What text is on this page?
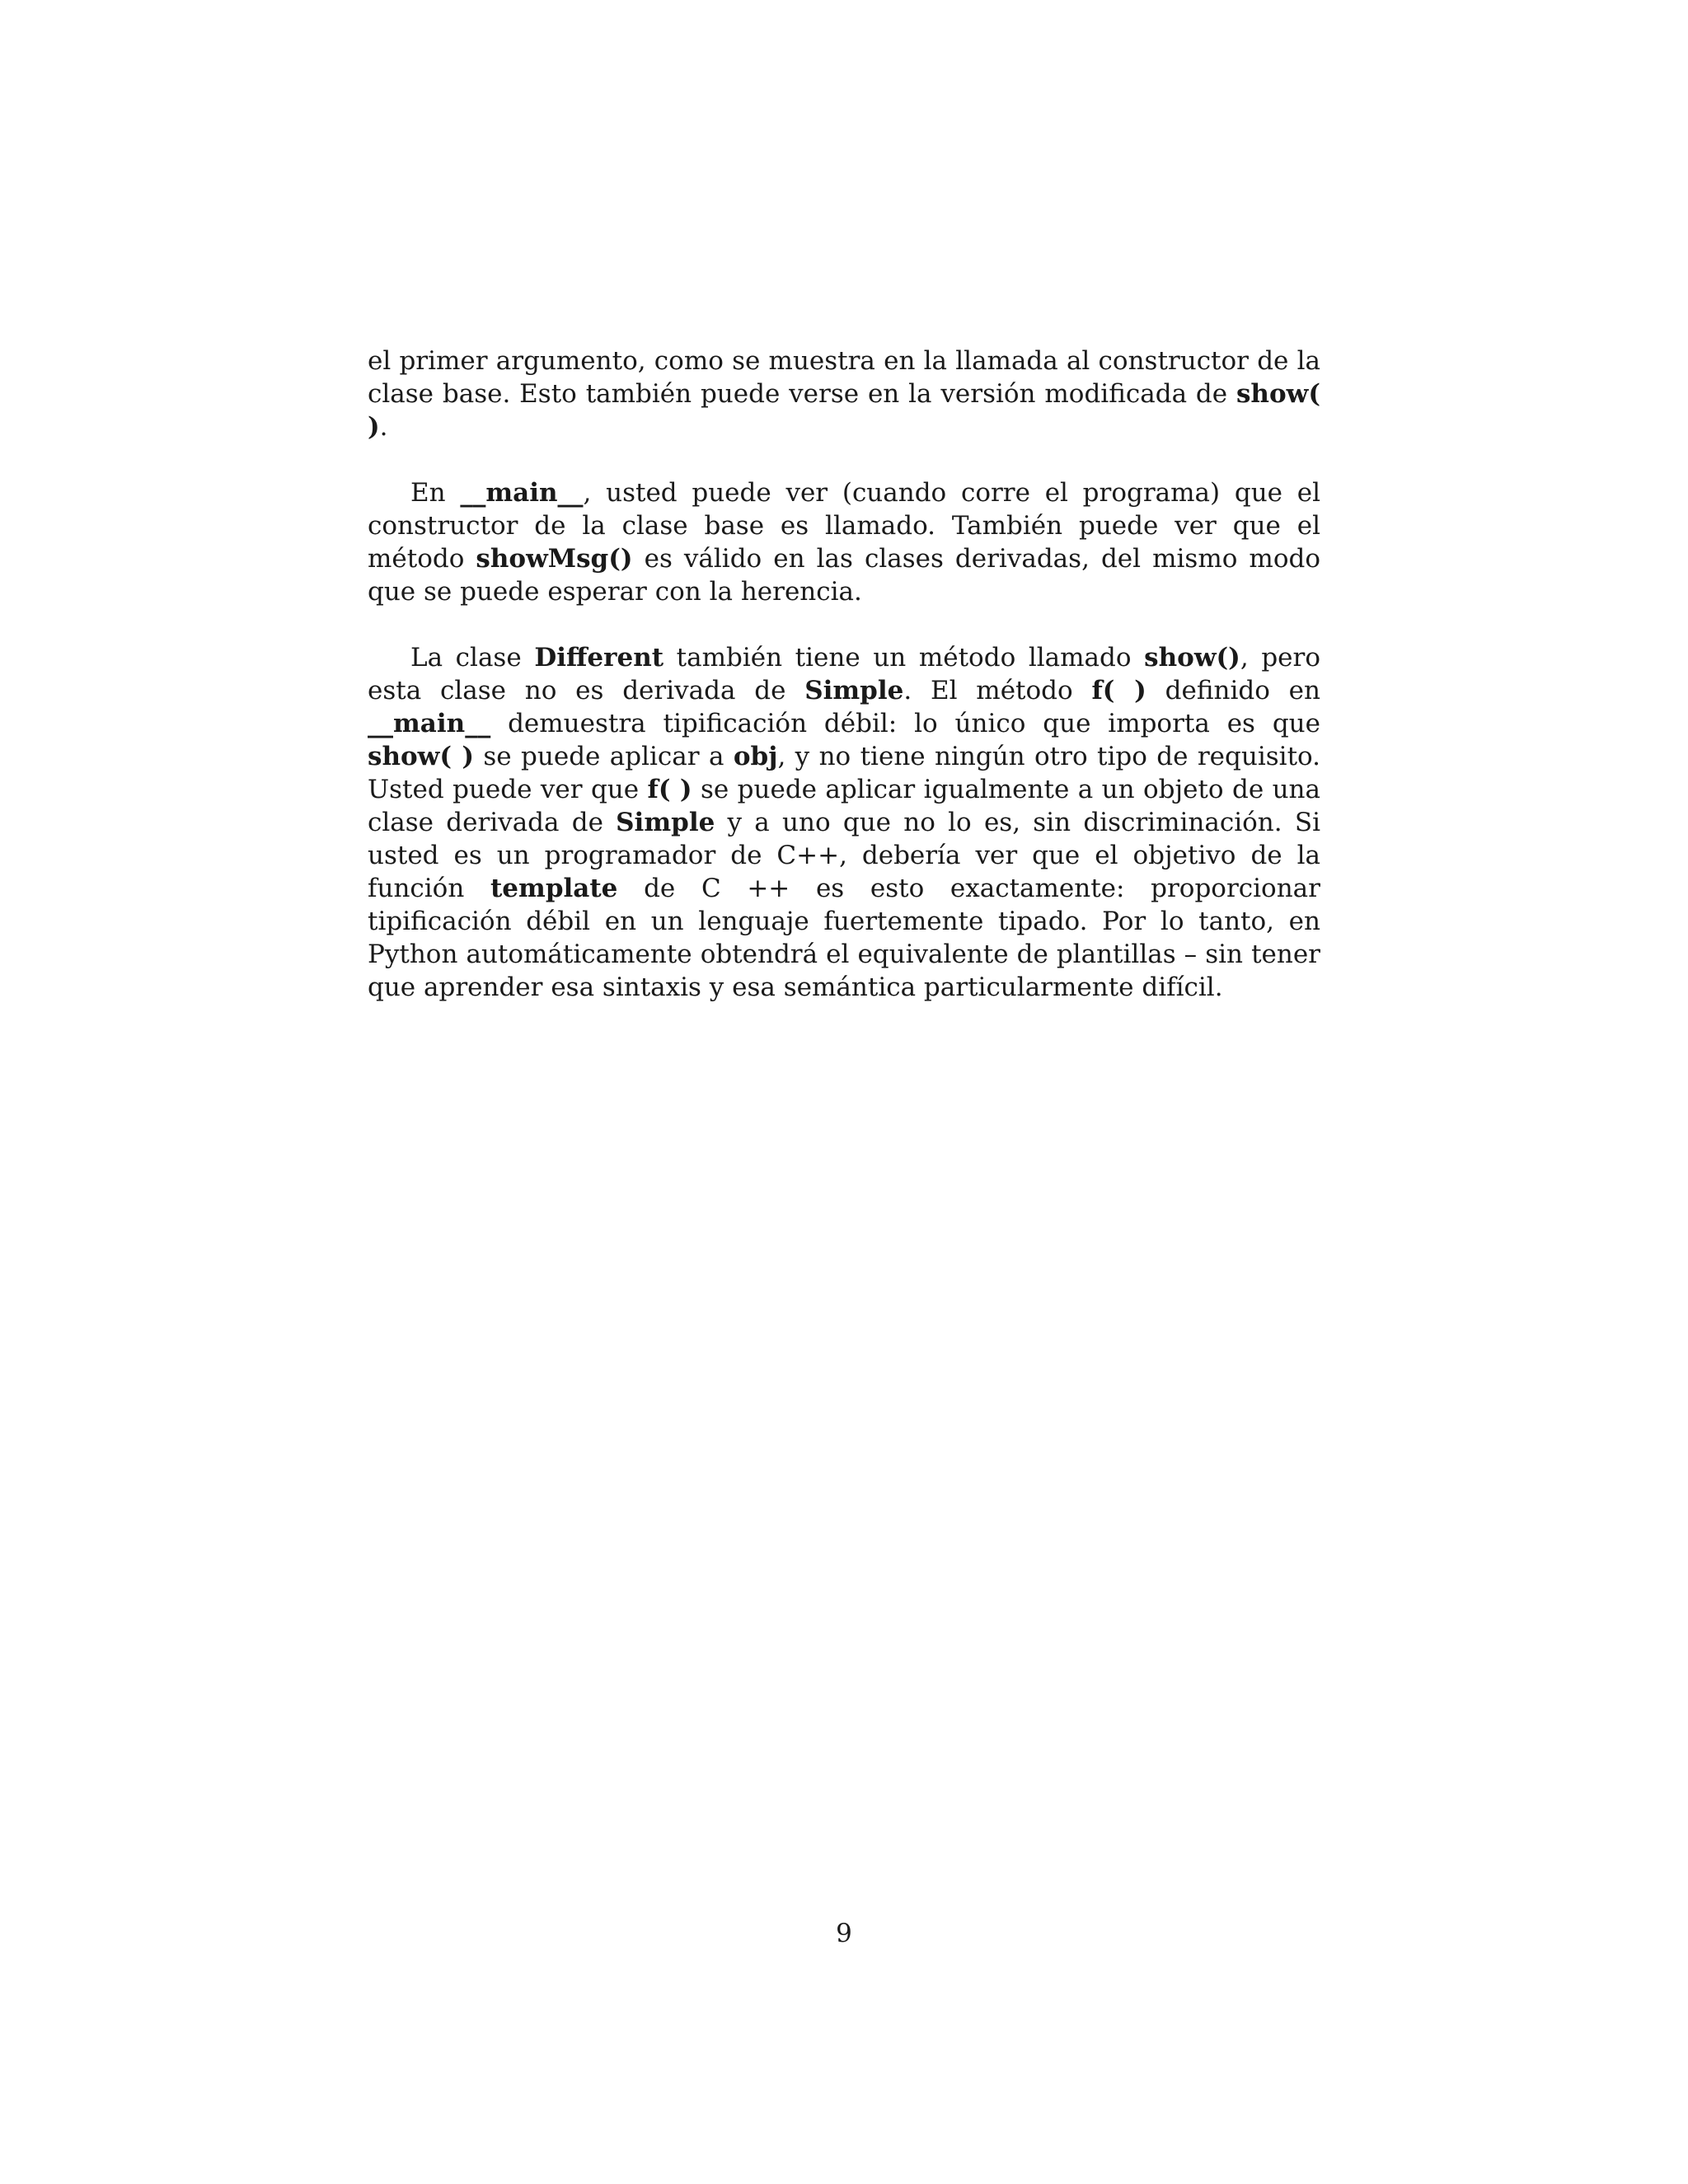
el primer argumento, como se muestra en la llamada al constructor de la clase base. Esto también puede verse en la versión modificada de show( ).

En __main__, usted puede ver (cuando corre el programa) que el constructor de la clase base es llamado. También puede ver que el método showMsg() es válido en las clases derivadas, del mismo modo que se puede esperar con la herencia.

La clase Different también tiene un método llamado show(), pero esta clase no es derivada de Simple. El método f( ) definido en __main__ demuestra tipificación débil: lo único que importa es que show( ) se puede aplicar a obj, y no tiene ningún otro tipo de requisito. Usted puede ver que f( ) se puede aplicar igualmente a un objeto de una clase derivada de Simple y a uno que no lo es, sin discriminación. Si usted es un programador de C++, debería ver que el objetivo de la función template de C ++ es esto exactamente: proporcionar tipificación débil en un lenguaje fuertemente tipado. Por lo tanto, en Python automáticamente obtendrá el equivalente de plantillas – sin tener que aprender esa sintaxis y esa semántica particularmente difícil.

9
